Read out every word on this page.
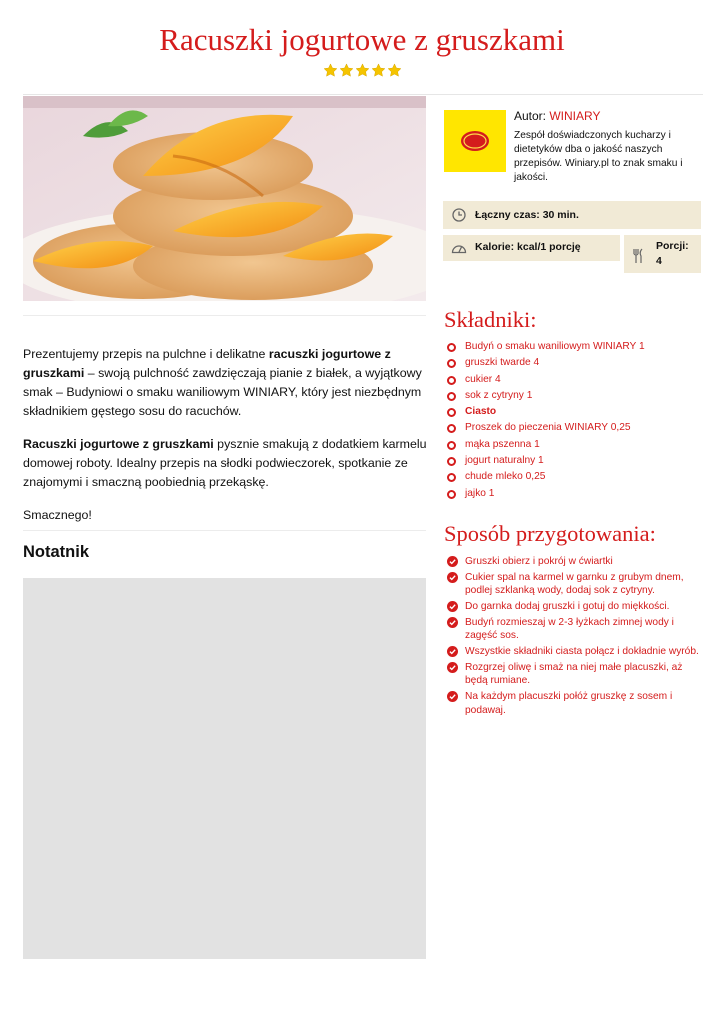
Racuszki jogurtowe z gruszkami

Prezentujemy przepis na pulchne i delikatne racuszki jogurtowe z gruszkami – swoją pulchność zawdzięczają pianie z białek, a wyjątkowy smak – Budyniowi o smaku waniliowym WINIARY, który jest niezbędnym składnikiem gęstego sosu do racuchów.

Racuszki jogurtowe z gruszkami pysznie smakują z dodatkiem karmelu domowej roboty. Idealny przepis na słodki podwieczorek, spotkanie ze znajomymi i smaczną poobiednią przekąskę.

Smacznego!

Notatnik
Autor: WINIARY

Zespół doświadczonych kucharzy i dietetyków dba o jakość naszych przepisów. Winiary.pl to znak smaku i jakości.

Łączny czas: 30 min.
Kalorie: kcal/1 porcję	Porcji:
4
Składniki:
Budyń o smaku waniliowym WINIARY 1
gruszki twarde 4
cukier 4
sok z cytryny 1
Ciasto
Proszek do pieczenia WINIARY 0,25
mąka pszenna 1
jogurt naturalny 1
chude mleko 0,25
jajko 1
Sposób przygotowania:
Gruszki obierz i pokrój w ćwiartki
Cukier spal na karmel w garnku z grubym dnem, podlej szklanką wody, dodaj sok z cytryny.
Do garnka dodaj gruszki i gotuj do miękkości.
Budyń rozmieszaj w 2-3 łyżkach zimnej wody i zagęść sos.
Wszystkie składniki ciasta połącz i dokładnie wyrób.
Rozgrzej oliwę i smaż na niej małe placuszki, aż będą rumiane.
Na każdym placuszki połóż gruszkę z sosem i podawaj.
